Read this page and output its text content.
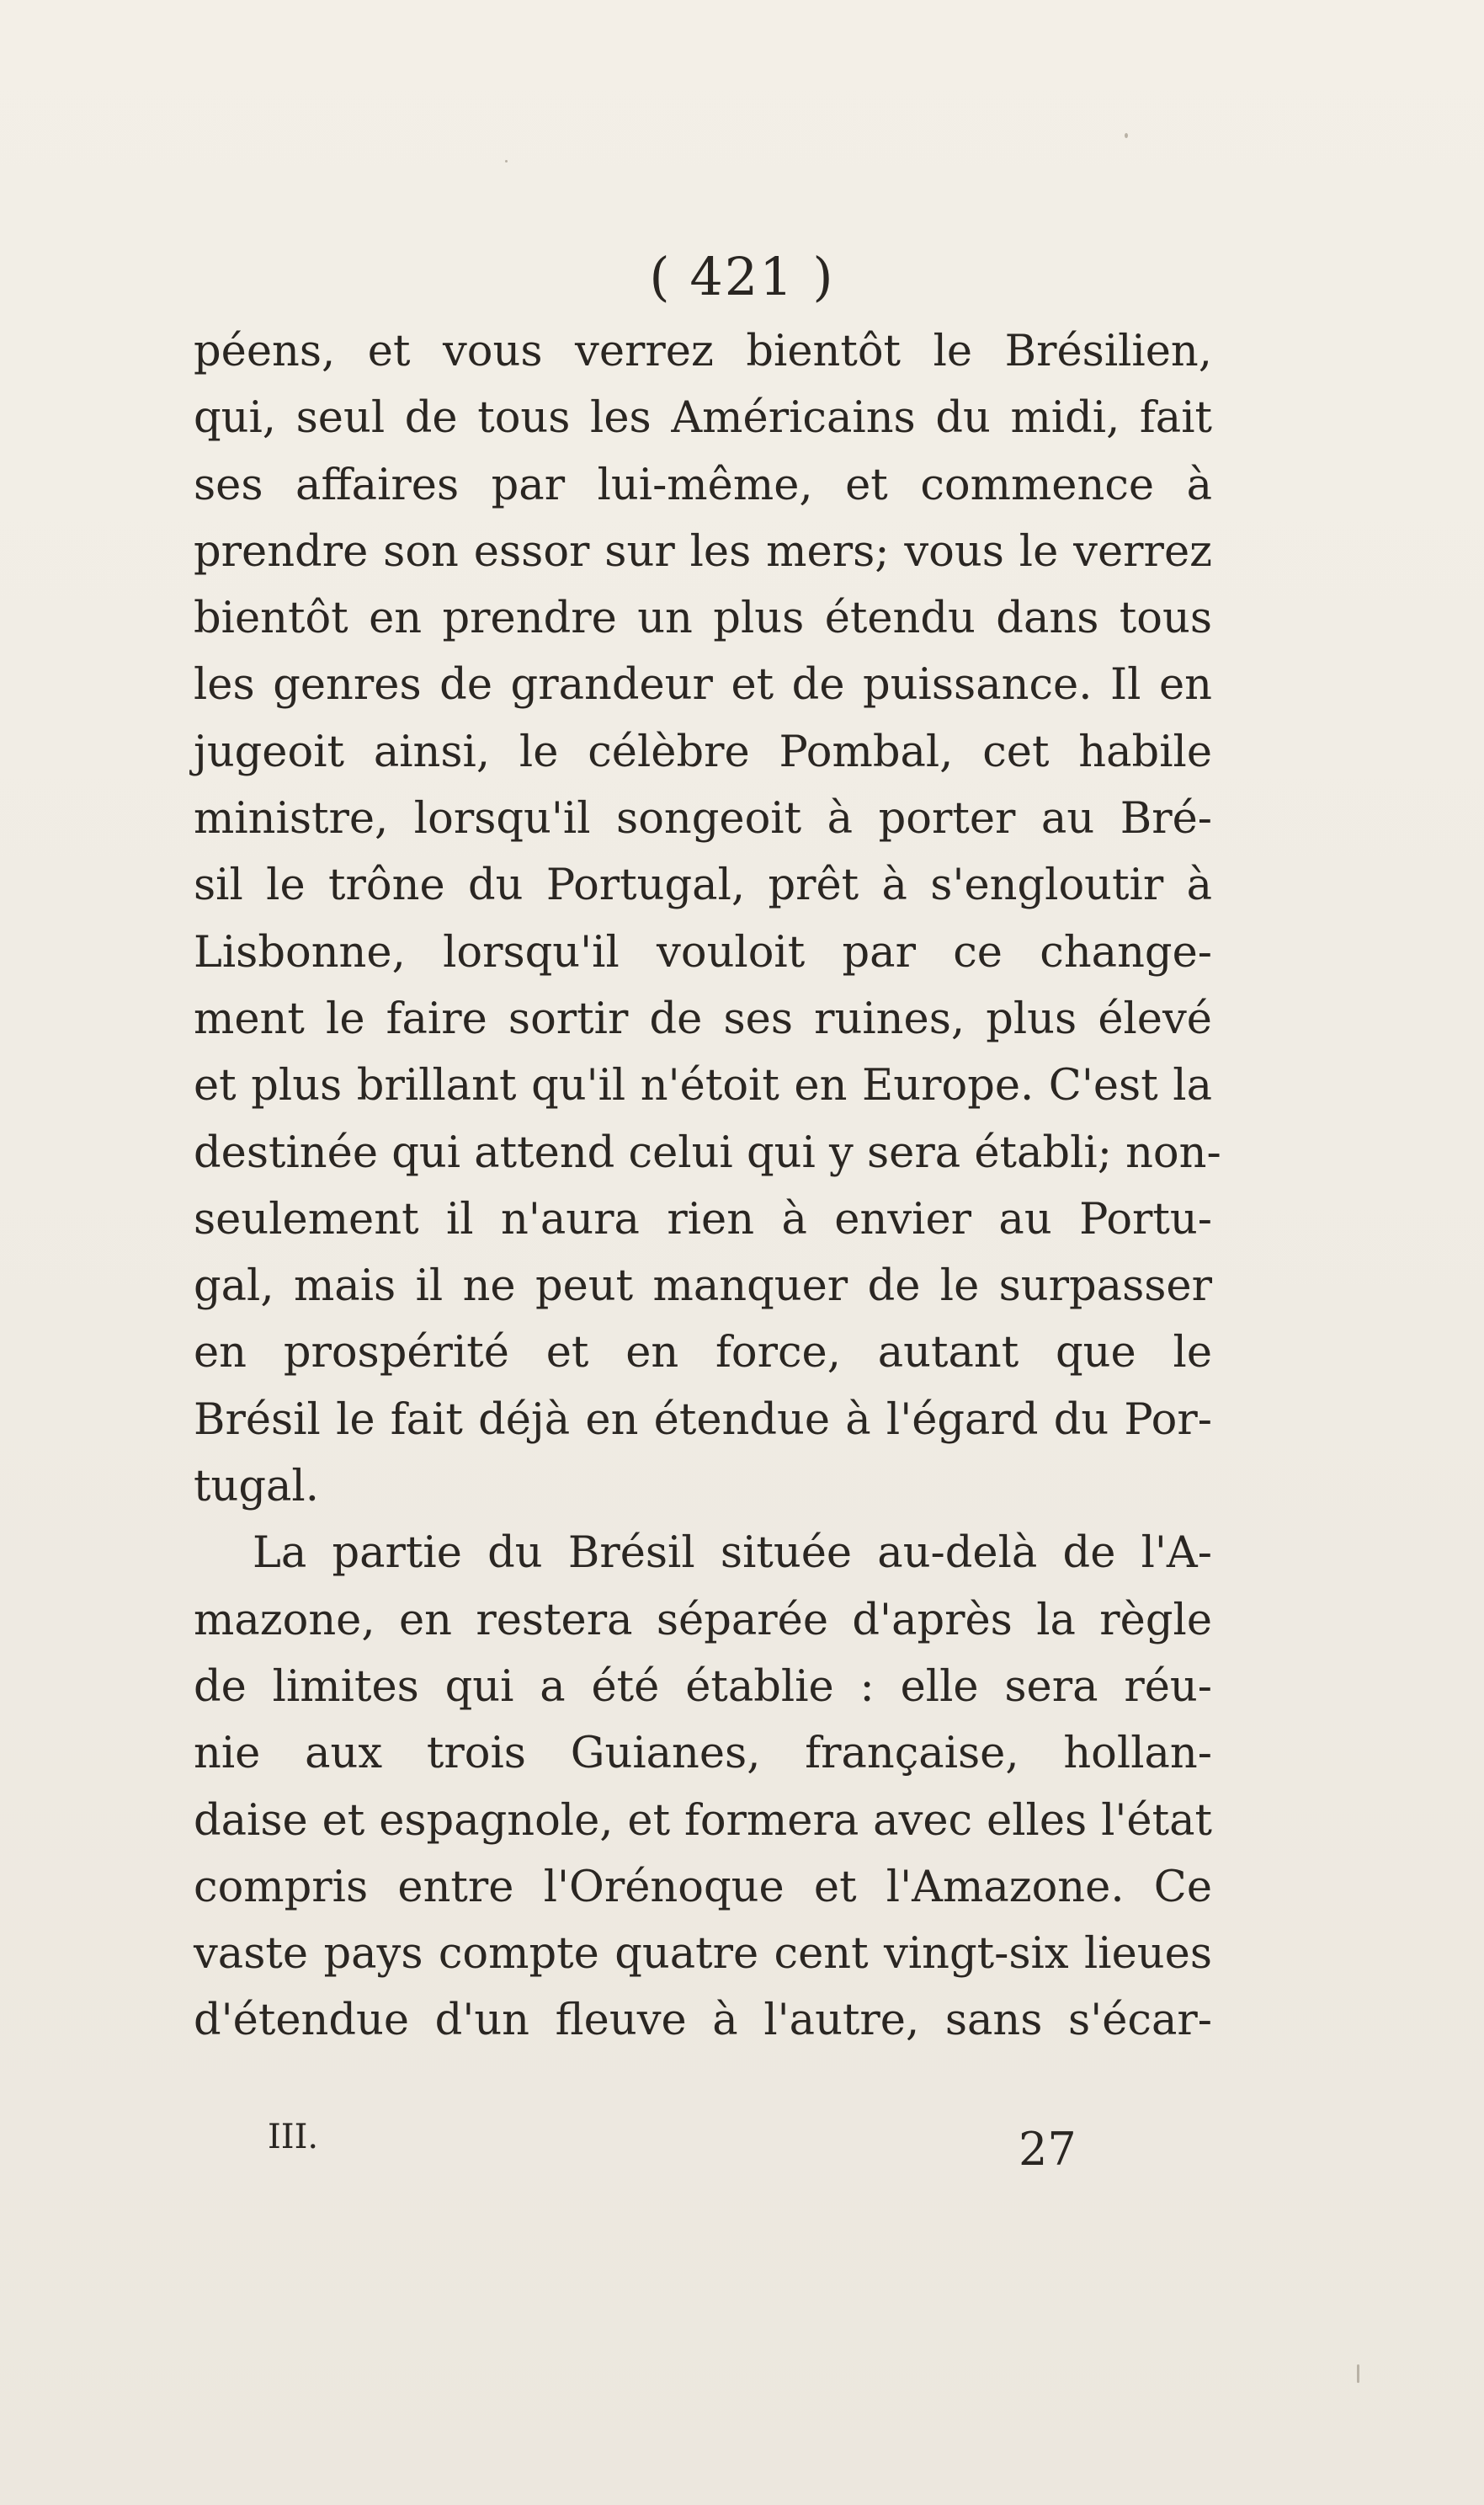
( 421 )
péens, et vous verrez bientôt le Brésilien,
qui, seul de tous les Américains du midi, fait
ses affaires par lui-même, et commence à
prendre son essor sur les mers; vous le verrez
bientôt en prendre un plus étendu dans tous
les genres de grandeur et de puissance. Il en
jugeoit ainsi, le célèbre Pombal, cet habile
ministre, lorsqu'il songeoit à porter au Bré-
sil le trône du Portugal, prêt à s'engloutir à
Lisbonne, lorsqu'il vouloit par ce change-
ment le faire sortir de ses ruines, plus élevé
et plus brillant qu'il n'étoit en Europe. C'est la
destinée qui attend celui qui y sera établi; non-
seulement il n'aura rien à envier au Portu-
gal, mais il ne peut manquer de le surpasser
en prospérité et en force, autant que le
Brésil le fait déjà en étendue à l'égard du Por-
tugal.
La partie du Brésil située au-delà de l'A-
mazone, en restera séparée d'après la règle
de limites qui a été établie : elle sera réu-
nie aux trois Guianes, française, hollan-
daise et espagnole, et formera avec elles l'état
compris entre l'Orénoque et l'Amazone. Ce
vaste pays compte quatre cent vingt-six lieues
d'étendue d'un fleuve à l'autre, sans s'écar-
III.	27
